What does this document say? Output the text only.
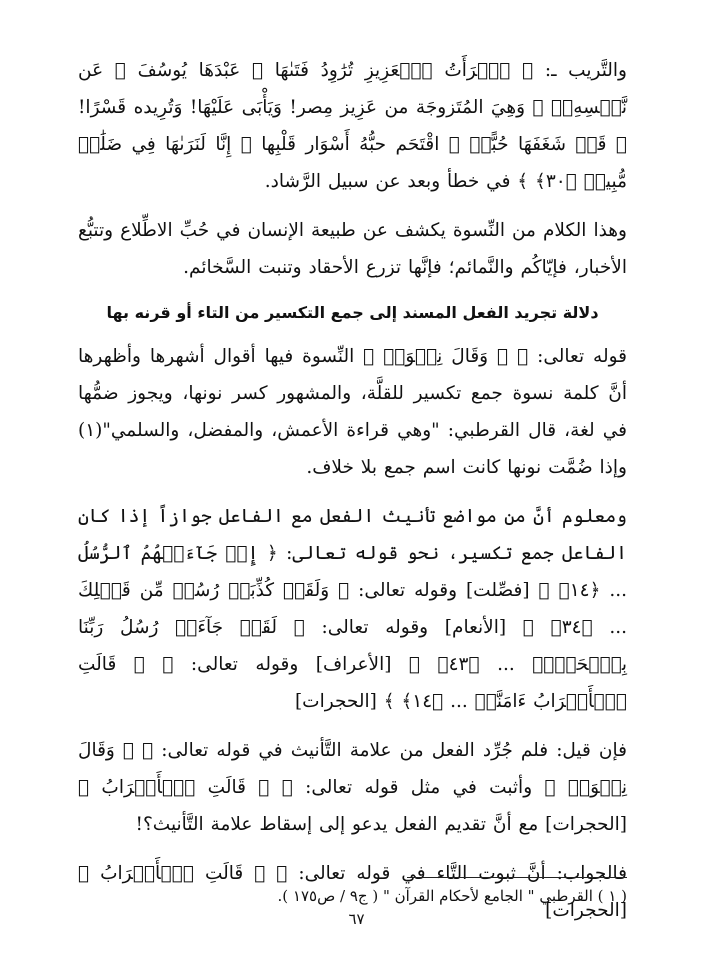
والتَّريب ـ: ﴿ ٱمۡرَأَتُ ٱلۡعَزِيزِ تُرَٰوِدُ فَتَىٰهَا ﴾ عَبْدَهَا يُوسُفَ ﴿ عَن نَّفۡسِهِۦۖ ﴾ وَهِيَ المُتَزوجَة من عَزِيز مِصر! وَيَأْبَى عَلَيْهَا! وَتُرِيده قَسْرًا! ﴿ قَدۡ شَغَفَهَا حُبًّاۖ ﴾ اقْتَحَم حبُّهُ أَسْوَار قَلْبِها ﴿ إِنَّا لَنَرَىٰهَا فِي ضَلَٰلٖ مُّبِينٖ ﴿٣٠﴾ ﴾ في خطأ وبعد عن سبيل الرَّشاد.

وهذا الكلام من النِّسوة يكشف عن طبيعة الإنسان في حُبِّ الاطِّلاع وتتبُّع الأخبار، فإيّاكُم والنَّمائم؛ فإنَّها تزرع الأحقاد وتنبت السَّخائم.

دلالة تجريد الفعل المسند إلى جمع التكسير من التاء أو قرنه بها

قوله تعالى: ﴿ ۞ وَقَالَ نِسۡوَةٞ ﴾ النِّسوة فيها أقوال أشهرها وأظهرها أنَّ كلمة نسوة جمع تكسير للقلَّة، والمشهور كسر نونها، ويجوز ضمُّها في لغة، قال القرطبي: "وهي قراءة الأعمش، والمفضل، والسلمي"(١) وإذا ضُمَّت نونها كانت اسم جمع بلا خلاف.

ومعلوم أنَّ من مواضع تأنيث الفعل مع الفاعل جوازاً إذا كان الفاعل جمع تكسير، نحو قوله تعالى: ﴿ إِذۡ جَآءَتۡهُمُ ٱلرُّسُلُ ... ﴿١٤﴾ ﴾ [فصِّلت] وقوله تعالى: ﴿ وَلَقَدۡ كُذِّبَتۡ رُسُلٞ مِّن قَبۡلِكَ ... ﴿٣٤﴾ ﴾ [الأنعام] وقوله تعالى: ﴿ لَقَدۡ جَآءَتۡ رُسُلُ رَبِّنَا بِٱلۡحَقِّۖ ... ﴿٤٣﴾ ﴾ [الأعراف] وقوله تعالى: ﴿ ۞ قَالَتِ ٱلۡأَعۡرَابُ ءَامَنَّاۖ ... ﴿١٤﴾ ﴾ [الحجرات]

فإن قيل: فلم جُرِّد الفعل من علامة التَّأنيث في قوله تعالى: ﴿ ۞ وَقَالَ نِسۡوَةٞ ﴾ وأثبت في مثل قوله تعالى: ﴿ ۞ قَالَتِ ٱلۡأَعۡرَابُ ﴾ [الحجرات] مع أنَّ تقديم الفعل يدعو إلى إسقاط علامة التَّأنيث؟!

فالجواب: أنَّ ثبوت التَّاء في قوله تعالى: ﴿ ۞ قَالَتِ ٱلۡأَعۡرَابُ ﴾ [الحجرات]

( ١ ) القرطبي " الجامع لأحكام القرآن " ( ج٩ / ص١٧٥ ).
٦٧
